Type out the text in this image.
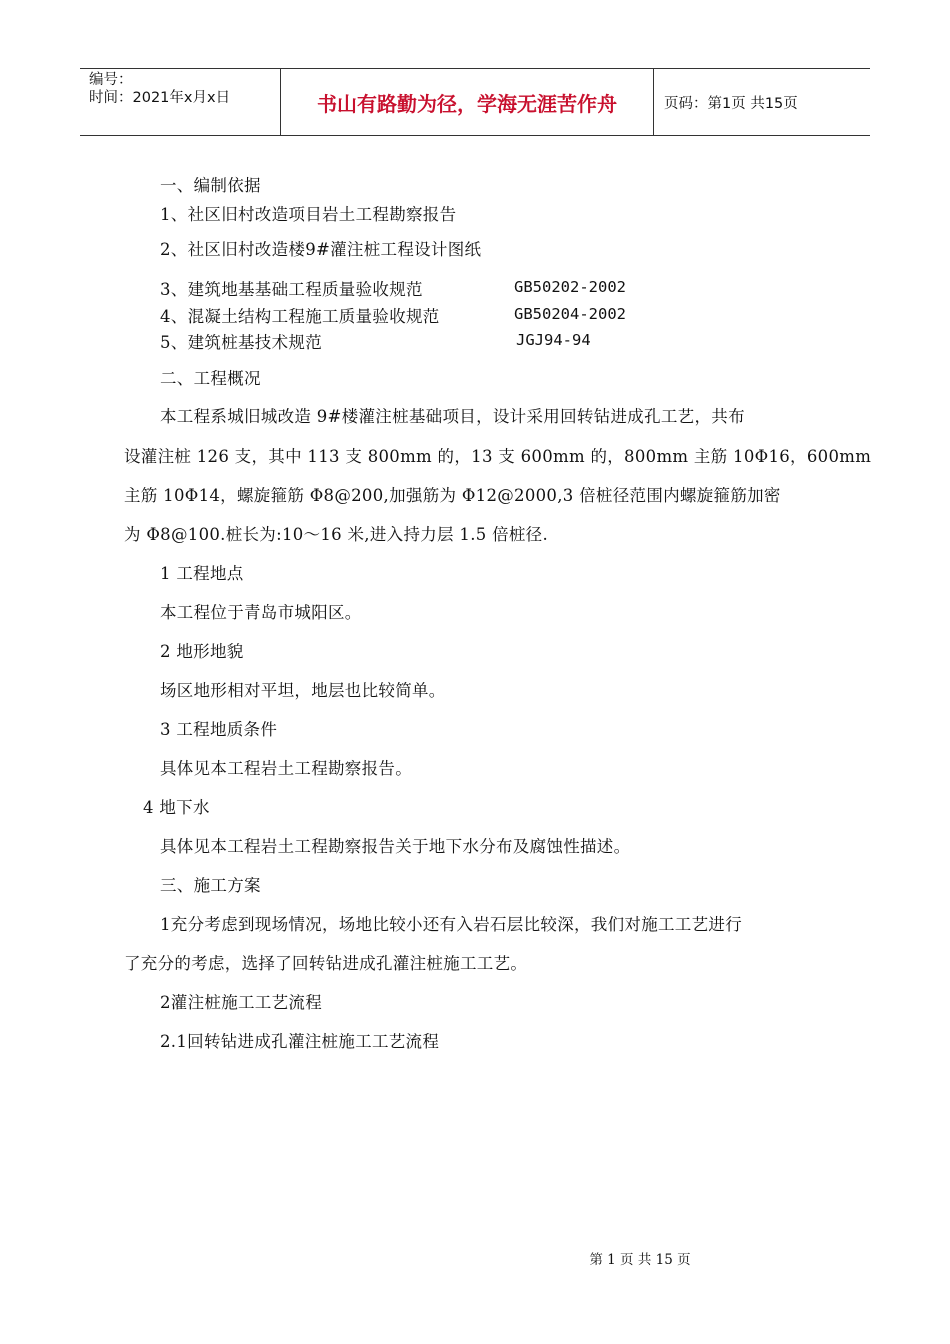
编号：
时间：2021年x月x日	书山有路勤为径，学海无涯苦作舟	页码：第1页 共15页
一、编制依据
1、社区旧村改造项目岩土工程勘察报告
2、社区旧村改造楼9#灌注桩工程设计图纸
3、建筑地基基础工程质量验收规范	GB50202-2002
4、混凝土结构工程施工质量验收规范	GB50204-2002
5、建筑桩基技术规范	JGJ94-94
二、工程概况
本工程系城旧城改造 9#楼灌注桩基础项目，设计采用回转钻进成孔工艺，共布
设灌注桩 126 支，其中 113 支 800mm 的，13 支 600mm 的，800mm 主筋 10Φ16，600mm
主筋 10Φ14，螺旋箍筋 Φ8@200,加强筋为 Φ12@2000,3 倍桩径范围内螺旋箍筋加密
为 Φ8@100.桩长为:10～16 米,进入持力层 1.5 倍桩径.
1 工程地点
本工程位于青岛市城阳区。
2 地形地貌
场区地形相对平坦，地层也比较简单。
3 工程地质条件
具体见本工程岩土工程勘察报告。
4 地下水
具体见本工程岩土工程勘察报告关于地下水分布及腐蚀性描述。
三、施工方案
1充分考虑到现场情况，场地比较小还有入岩石层比较深，我们对施工工艺进行
了充分的考虑，选择了回转钻进成孔灌注桩施工工艺。
2灌注桩施工工艺流程
2.1回转钻进成孔灌注桩施工工艺流程
第 1 页 共 15 页
